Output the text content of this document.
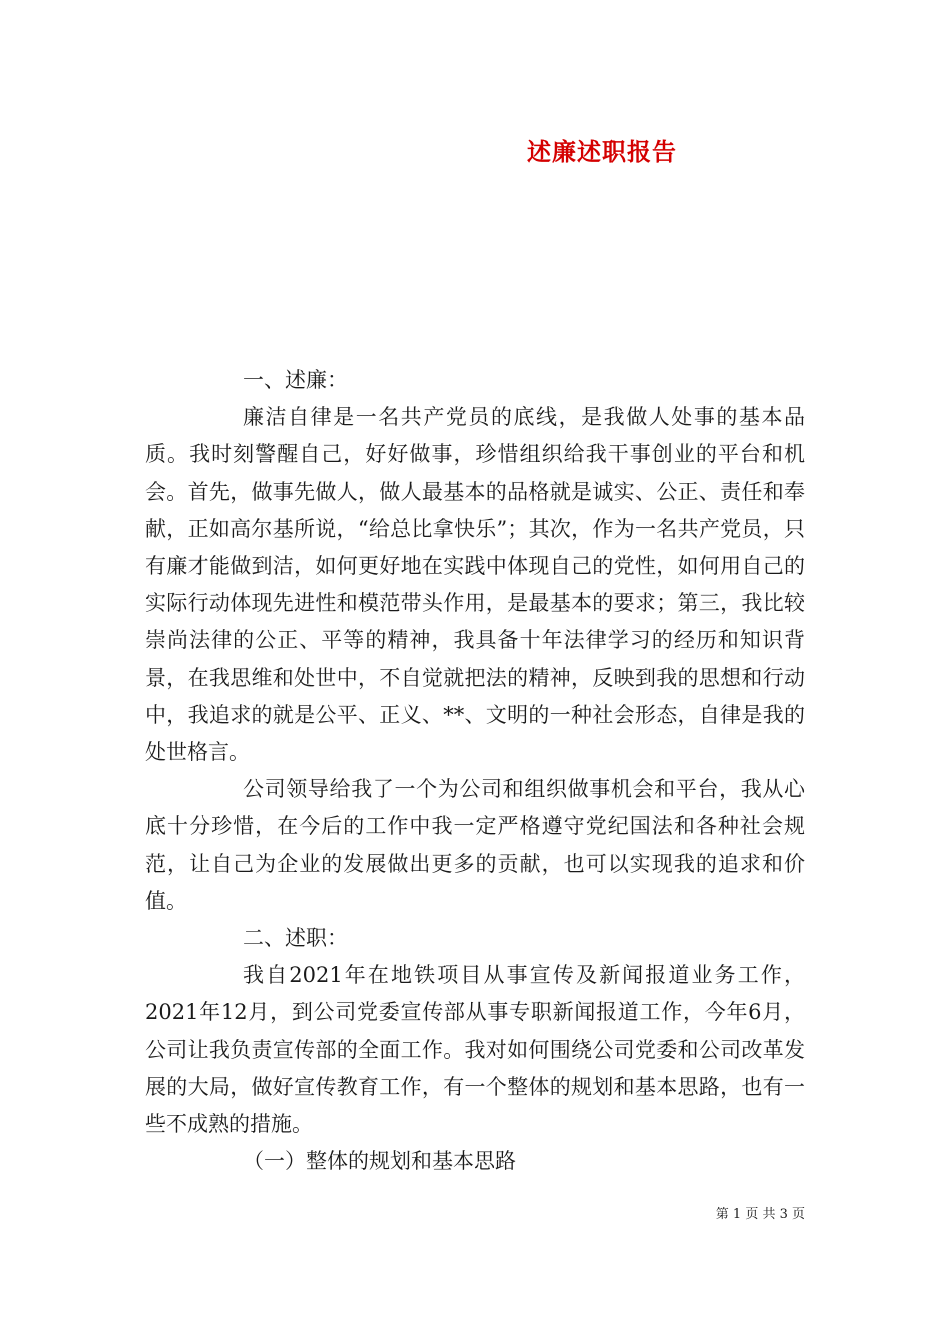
述廉述职报告

一、述廉：

廉洁自律是一名共产党员的底线，是我做人处事的基本品质。我时刻警醒自己，好好做事，珍惜组织给我干事创业的平台和机会。首先，做事先做人，做人最基本的品格就是诚实、公正、责任和奉献，正如高尔基所说，“给总比拿快乐”；其次，作为一名共产党员，只有廉才能做到洁，如何更好地在实践中体现自己的党性，如何用自己的实际行动体现先进性和模范带头作用，是最基本的要求；第三，我比较崇尚法律的公正、平等的精神，我具备十年法律学习的经历和知识背景，在我思维和处世中，不自觉就把法的精神，反映到我的思想和行动中，我追求的就是公平、正义、**、文明的一种社会形态，自律是我的处世格言。

公司领导给我了一个为公司和组织做事机会和平台，我从心底十分珍惜，在今后的工作中我一定严格遵守党纪国法和各种社会规范，让自己为企业的发展做出更多的贡献，也可以实现我的追求和价值。

二、述职：

我自2021年在地铁项目从事宣传及新闻报道业务工作，2021年12月，到公司党委宣传部从事专职新闻报道工作，今年6月，公司让我负责宣传部的全面工作。我对如何围绕公司党委和公司改革发展的大局，做好宣传教育工作，有一个整体的规划和基本思路，也有一些不成熟的措施。

（一）整体的规划和基本思路

第 1 页 共 3 页
